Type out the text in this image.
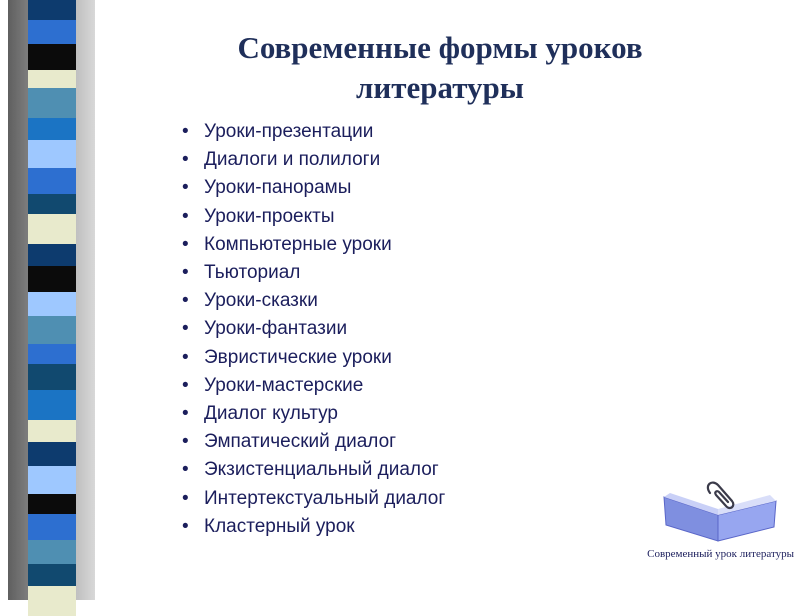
Современные формы уроков
литературы
• Уроки-презентации
• Диалоги и полилоги
• Уроки-панорамы
• Уроки-проекты
• Компьютерные уроки
• Тьюториал
• Уроки-сказки
• Уроки-фантазии
• Эвристические уроки
• Уроки-мастерские
• Диалог культур
• Эмпатический диалог
• Экзистенциальный диалог
• Интертекстуальный диалог
• Кластерный урок
Современный урок литературы
